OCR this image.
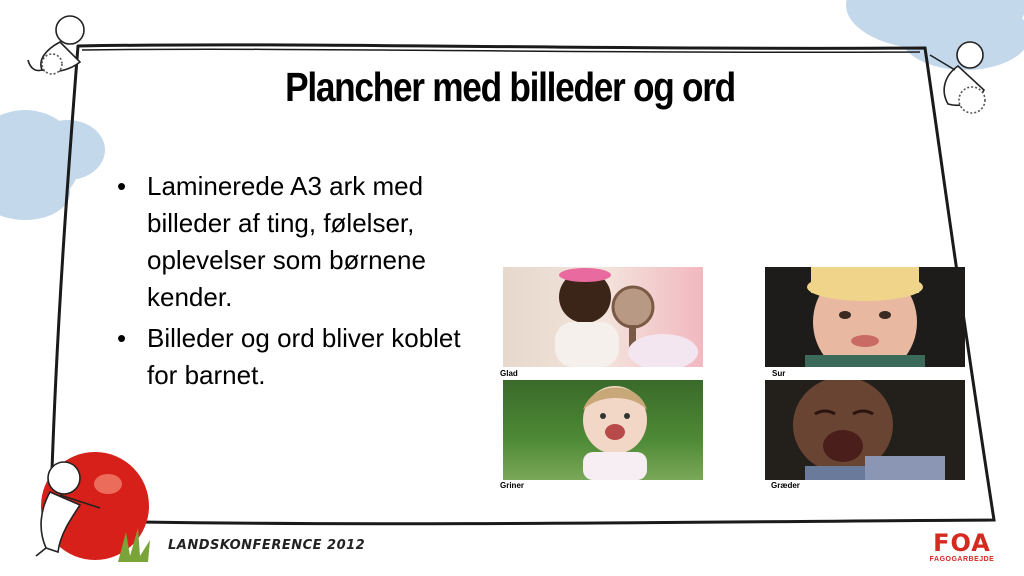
Plancher med billeder og ord
• Laminerede A3 ark med billeder af ting, følelser, oplevelser som børnene kender.
• Billeder og ord bliver koblet for barnet.	Glad	Sur
Griner	Græder
LANDSKONFERENCE 2012	FOA
FAGOGARBEJDE
